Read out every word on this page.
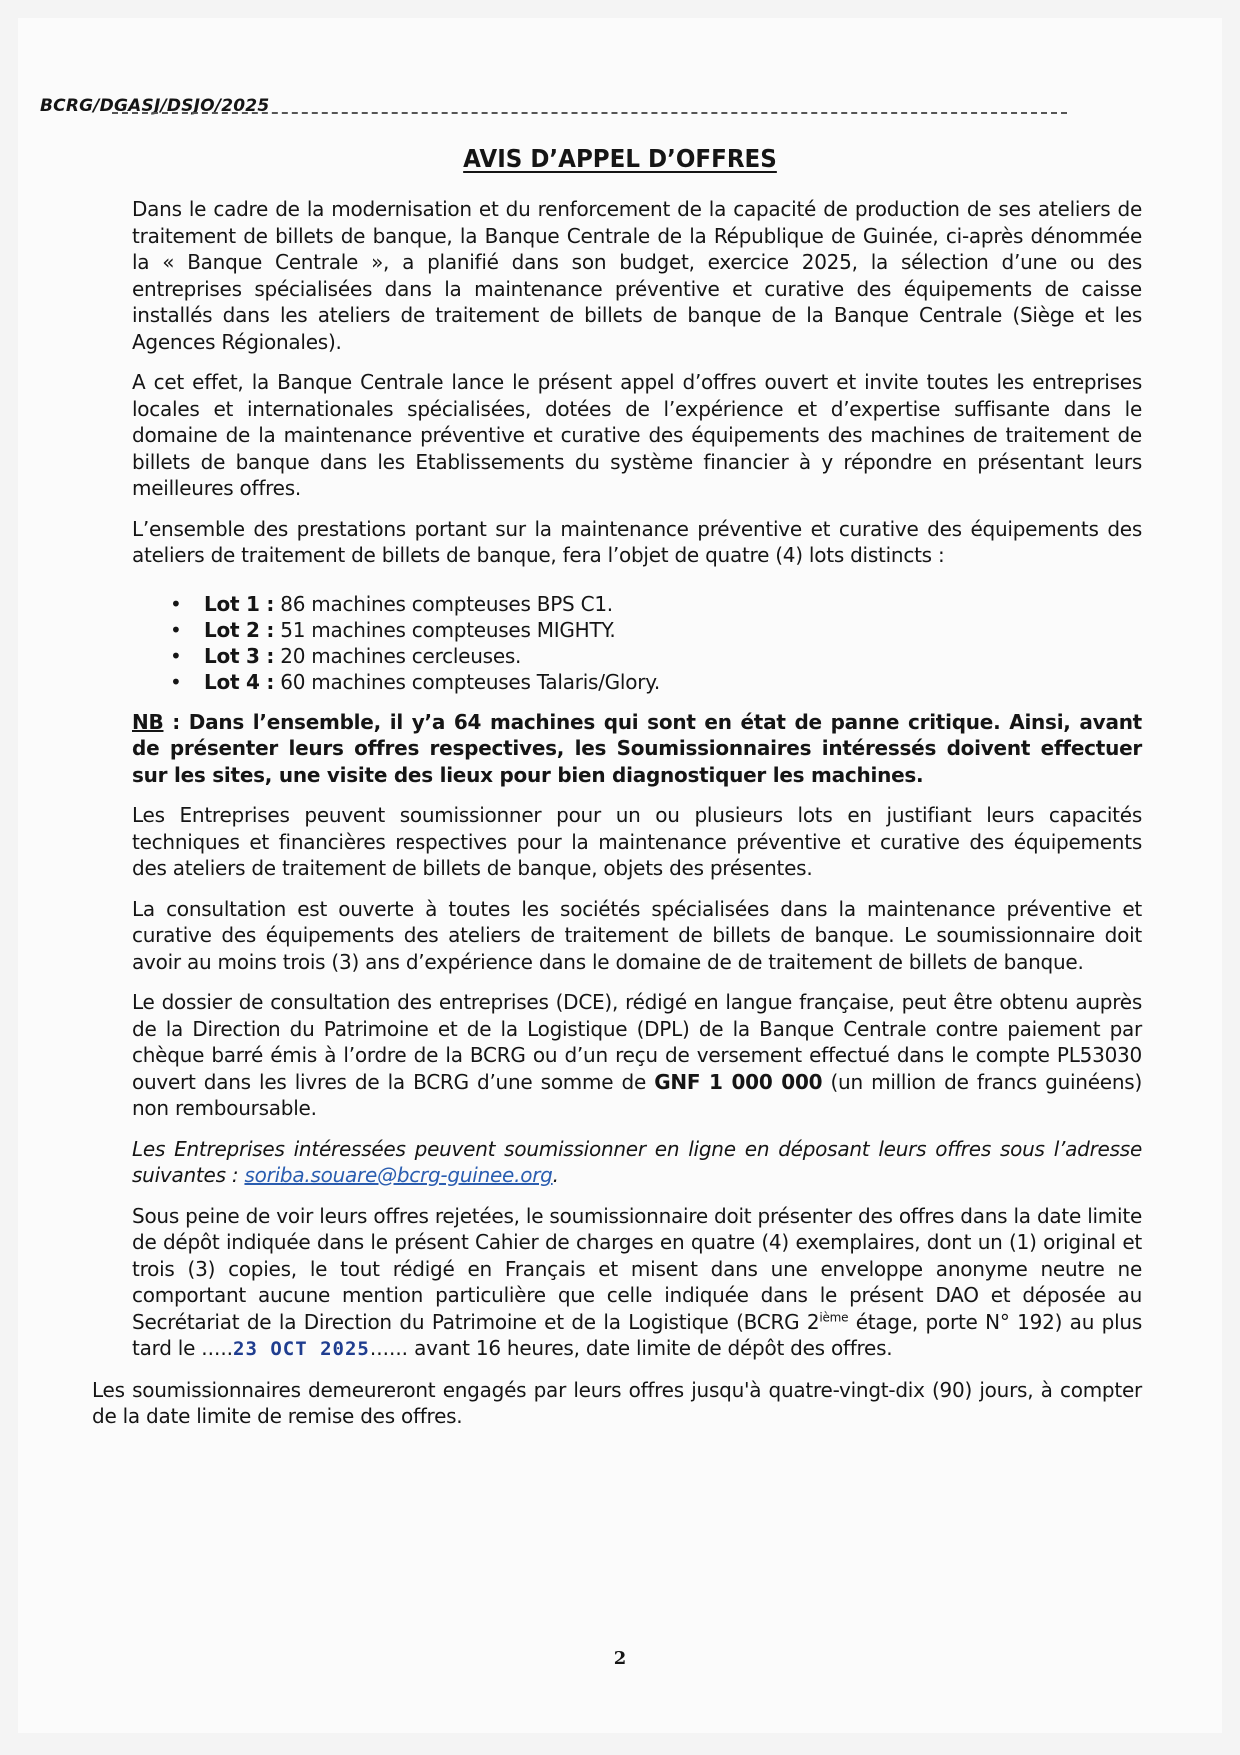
BCRG/DGASJ/DSJO/2025
AVIS D’APPEL D’OFFRES

Dans le cadre de la modernisation et du renforcement de la capacité de production de ses ateliers de traitement de billets de banque, la Banque Centrale de la République de Guinée, ci-après dénommée la « Banque Centrale », a planifié dans son budget, exercice 2025, la sélection d’une ou des entreprises spécialisées dans la maintenance préventive et curative des équipements de caisse installés dans les ateliers de traitement de billets de banque de la Banque Centrale (Siège et les Agences Régionales).

A cet effet, la Banque Centrale lance le présent appel d’offres ouvert et invite toutes les entreprises locales et internationales spécialisées, dotées de l’expérience et d’expertise suffisante dans le domaine de la maintenance préventive et curative des équipements des machines de traitement de billets de banque dans les Etablissements du système financier à y répondre en présentant leurs meilleures offres.

L’ensemble des prestations portant sur la maintenance préventive et curative des équipements des ateliers de traitement de billets de banque, fera l’objet de quatre (4) lots distincts :

• Lot 1 : 86 machines compteuses BPS C1.
• Lot 2 : 51 machines compteuses MIGHTY.
• Lot 3 : 20 machines cercleuses.
• Lot 4 : 60 machines compteuses Talaris/Glory.

NB : Dans l’ensemble, il y’a 64 machines qui sont en état de panne critique. Ainsi, avant de présenter leurs offres respectives, les Soumissionnaires intéressés doivent effectuer sur les sites, une visite des lieux pour bien diagnostiquer les machines.

Les Entreprises peuvent soumissionner pour un ou plusieurs lots en justifiant leurs capacités techniques et financières respectives pour la maintenance préventive et curative des équipements des ateliers de traitement de billets de banque, objets des présentes.

La consultation est ouverte à toutes les sociétés spécialisées dans la maintenance préventive et curative des équipements des ateliers de traitement de billets de banque. Le soumissionnaire doit avoir au moins trois (3) ans d’expérience dans le domaine de de traitement de billets de banque.

Le dossier de consultation des entreprises (DCE), rédigé en langue française, peut être obtenu auprès de la Direction du Patrimoine et de la Logistique (DPL) de la Banque Centrale contre paiement par chèque barré émis à l’ordre de la BCRG ou d’un reçu de versement effectué dans le compte PL53030 ouvert dans les livres de la BCRG d’une somme de GNF 1 000 000 (un million de francs guinéens) non remboursable.

Les Entreprises intéressées peuvent soumissionner en ligne en déposant leurs offres sous l’adresse suivantes : soriba.souare@bcrg-guinee.org.

Sous peine de voir leurs offres rejetées, le soumissionnaire doit présenter des offres dans la date limite de dépôt indiquée dans le présent Cahier de charges en quatre (4) exemplaires, dont un (1) original et trois (3) copies, le tout rédigé en Français et misent dans une enveloppe anonyme neutre ne comportant aucune mention particulière que celle indiquée dans le présent DAO et déposée au Secrétariat de la Direction du Patrimoine et de la Logistique (BCRG 2ième étage, porte N° 192) au plus tard le .....23 OCT 2025...... avant 16 heures, date limite de dépôt des offres.

Les soumissionnaires demeureront engagés par leurs offres jusqu'à quatre-vingt-dix (90) jours, à compter de la date limite de remise des offres.

2
